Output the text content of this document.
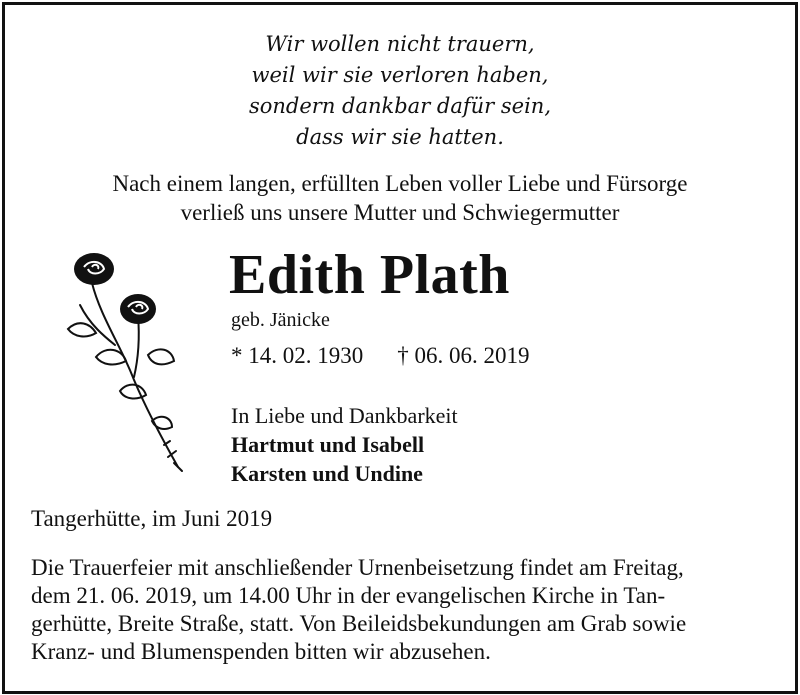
Wir wollen nicht trauern,
weil wir sie verloren haben,
sondern dankbar dafür sein,
dass wir sie hatten.
Nach einem langen, erfüllten Leben voller Liebe und Fürsorge
verließ uns unsere Mutter und Schwiegermutter
Edith Plath
geb. Jänicke
* 14. 02. 1930 † 06. 06. 2019
In Liebe und Dankbarkeit
Hartmut und Isabell
Karsten und Undine
Tangerhütte, im Juni 2019
Die Trauerfeier mit anschließender Urnenbeisetzung findet am Freitag,
dem 21. 06. 2019, um 14.00 Uhr in der evangelischen Kirche in Tan-
gerhütte, Breite Straße, statt. Von Beileidsbekundungen am Grab sowie
Kranz- und Blumenspenden bitten wir abzusehen.
